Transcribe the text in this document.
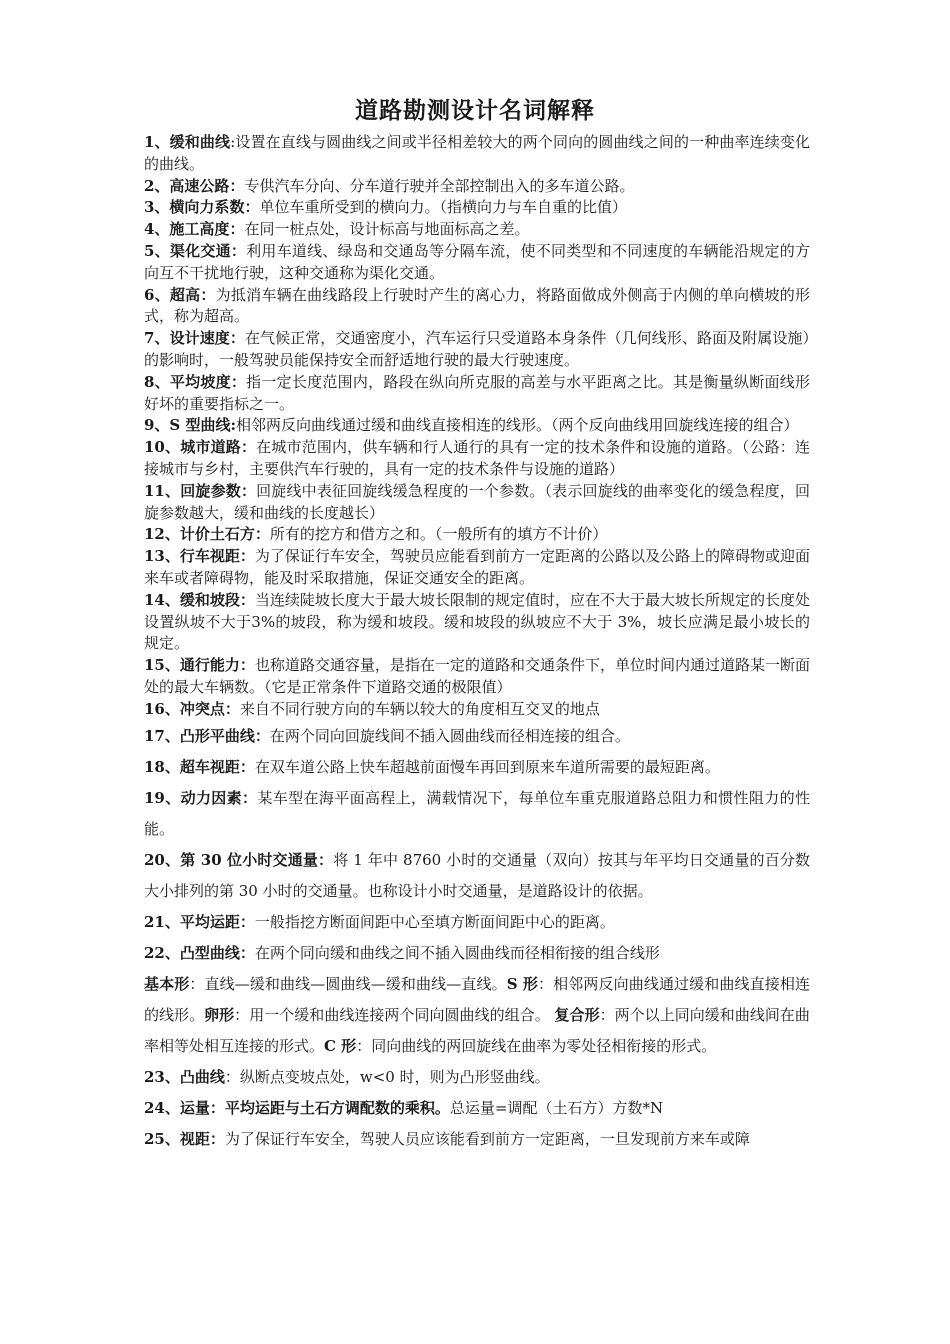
道路勘测设计名词解释

1、缓和曲线:设置在直线与圆曲线之间或半径相差较大的两个同向的圆曲线之间的一种曲率连续变化的曲线。

2、高速公路：专供汽车分向、分车道行驶并全部控制出入的多车道公路。

3、横向力系数：单位车重所受到的横向力。（指横向力与车自重的比值）

4、施工高度：在同一桩点处，设计标高与地面标高之差。

5、渠化交通：利用车道线、绿岛和交通岛等分隔车流，使不同类型和不同速度的车辆能沿规定的方向互不干扰地行驶，这种交通称为渠化交通。

6、超高：为抵消车辆在曲线路段上行驶时产生的离心力，将路面做成外侧高于内侧的单向横坡的形式，称为超高。

7、设计速度：在气候正常，交通密度小，汽车运行只受道路本身条件（几何线形、路面及附属设施）的影响时，一般驾驶员能保持安全而舒适地行驶的最大行驶速度。

8、平均坡度：指一定长度范围内，路段在纵向所克服的高差与水平距离之比。其是衡量纵断面线形好坏的重要指标之一。

9、S 型曲线:相邻两反向曲线通过缓和曲线直接相连的线形。（两个反向曲线用回旋线连接的组合）

10、城市道路：在城市范围内，供车辆和行人通行的具有一定的技术条件和设施的道路。（公路：连接城市与乡村，主要供汽车行驶的，具有一定的技术条件与设施的道路）

11、回旋参数：回旋线中表征回旋线缓急程度的一个参数。（表示回旋线的曲率变化的缓急程度，回旋参数越大，缓和曲线的长度越长）

12、计价土石方：所有的挖方和借方之和。（一般所有的填方不计价）

13、行车视距：为了保证行车安全，驾驶员应能看到前方一定距离的公路以及公路上的障碍物或迎面来车或者障碍物，能及时采取措施，保证交通安全的距离。

14、缓和坡段：当连续陡坡长度大于最大坡长限制的规定值时，应在不大于最大坡长所规定的长度处设置纵坡不大于3%的坡段，称为缓和坡段。缓和坡段的纵坡应不大于 3%，坡长应满足最小坡长的规定。

15、通行能力：也称道路交通容量，是指在一定的道路和交通条件下，单位时间内通过道路某一断面处的最大车辆数。（它是正常条件下道路交通的极限值）

16、冲突点：来自不同行驶方向的车辆以较大的角度相互交叉的地点

17、凸形平曲线：在两个同向回旋线间不插入圆曲线而径相连接的组合。

18、超车视距：在双车道公路上快车超越前面慢车再回到原来车道所需要的最短距离。

19、动力因素：某车型在海平面高程上，满载情况下，每单位车重克服道路总阻力和惯性阻力的性能。

20、第 30 位小时交通量：将 1 年中 8760 小时的交通量（双向）按其与年平均日交通量的百分数大小排列的第 30 小时的交通量。也称设计小时交通量，是道路设计的依据。

21、平均运距：一般指挖方断面间距中心至填方断面间距中心的距离。

22、凸型曲线：在两个同向缓和曲线之间不插入圆曲线而径相衔接的组合线形

基本形：直线—缓和曲线—圆曲线—缓和曲线—直线。S 形：相邻两反向曲线通过缓和曲线直接相连的线形。卵形：用一个缓和曲线连接两个同向圆曲线的组合。 复合形：两个以上同向缓和曲线间在曲率相等处相互连接的形式。C 形：同向曲线的两回旋线在曲率为零处径相衔接的形式。

23、凸曲线：纵断点变坡点处，w<0 时，则为凸形竖曲线。

24、运量：平均运距与土石方调配数的乘积。总运量=调配（土石方）方数*N

25、视距：为了保证行车安全，驾驶人员应该能看到前方一定距离，一旦发现前方来车或障
